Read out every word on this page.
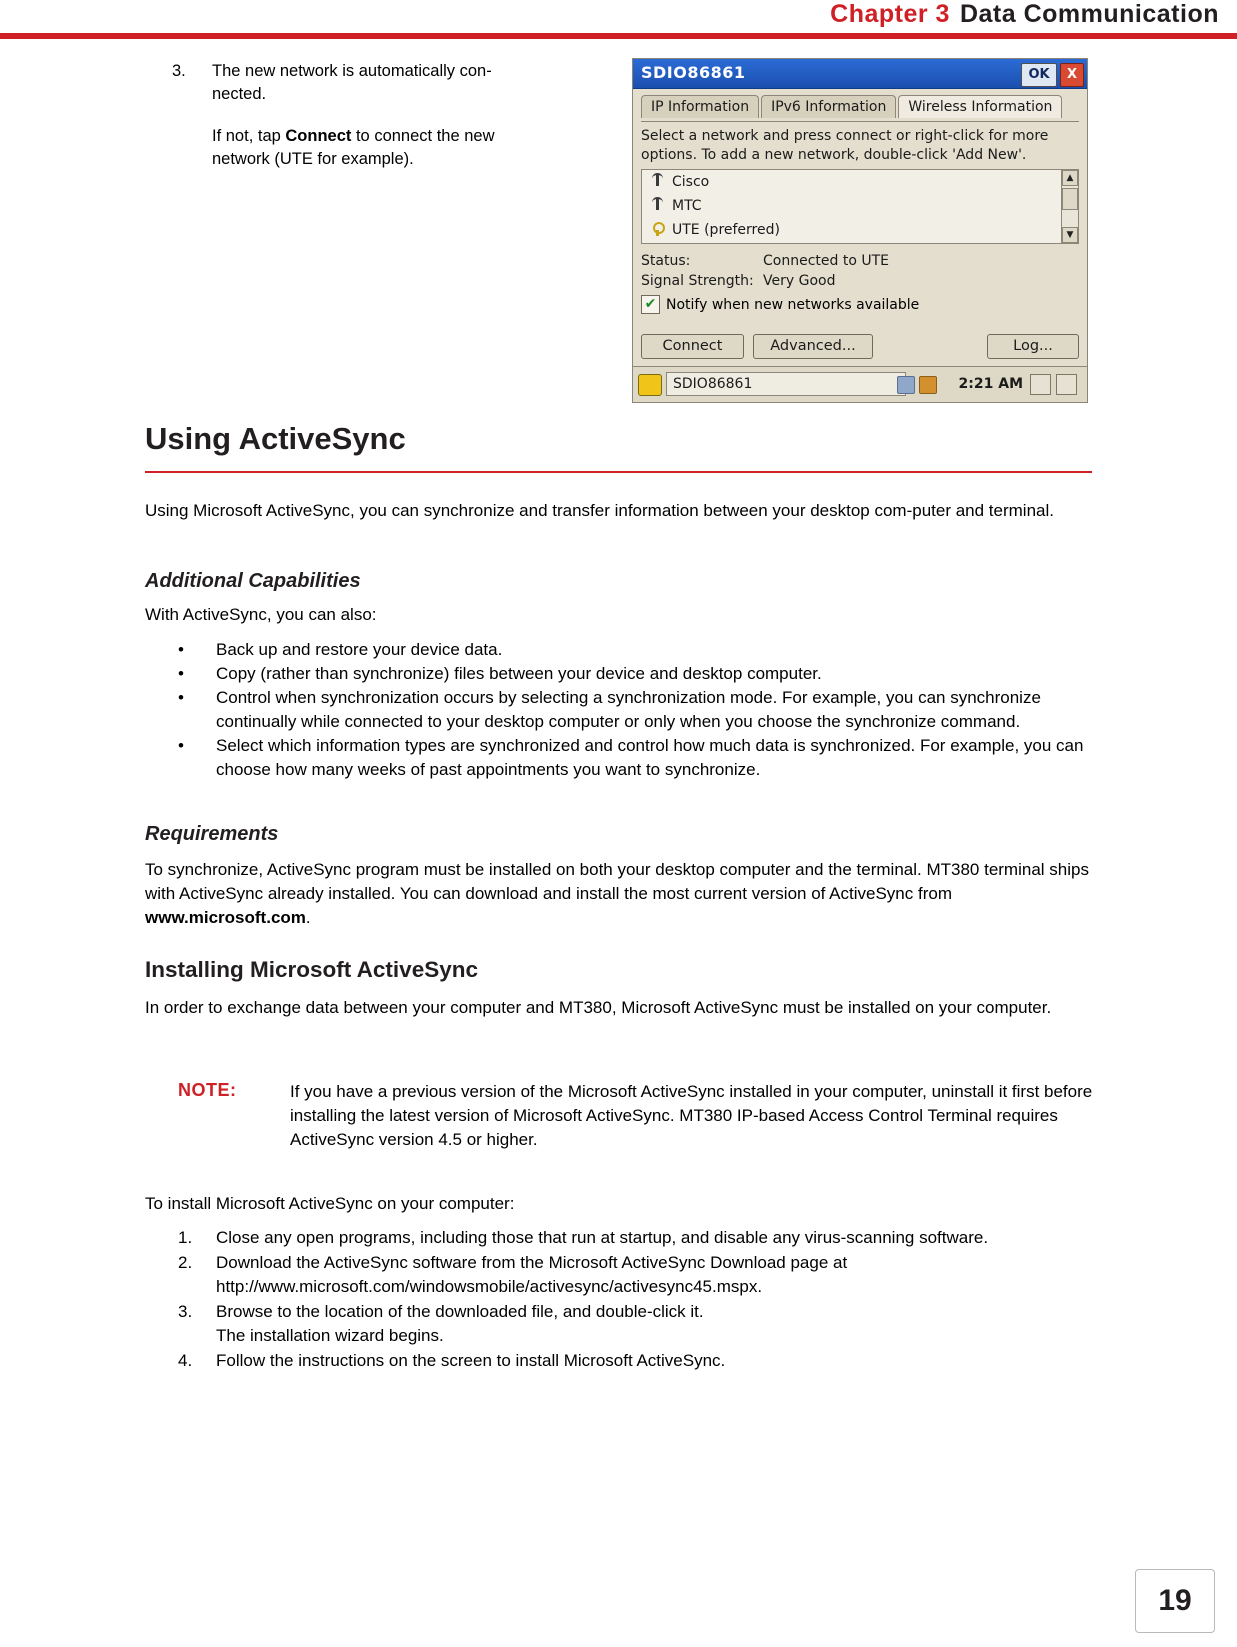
Chapter 3 Data Communication
3.	The new network is automatically con-
nected.
If not, tap Connect to connect the new
network (UTE for example).
SDIO86861	OK	X
IP Information IPv6 Information Wireless Information
Select a network and press connect or right-click for more
options. To add a new network, double-click 'Add New'.
Cisco
MTC
UTE (preferred)
▲
▼
Status:	Connected to UTE
Signal Strength: Very Good
✔ Notify when new networks available
Connect	Advanced...	Log...
SDIO86861	2:21 AM
Using ActiveSync
Using Microsoft ActiveSync, you can synchronize and transfer information between your desktop com-puter and terminal.
Additional Capabilities
With ActiveSync, you can also:
• Back up and restore your device data.
• Copy (rather than synchronize) files between your device and desktop computer.
• Control when synchronization occurs by selecting a synchronization mode. For example, you can synchronize continually while connected to your desktop computer or only when you choose the synchronize command.
• Select which information types are synchronized and control how much data is synchronized. For example, you can choose how many weeks of past appointments you want to synchronize.
Requirements
To synchronize, ActiveSync program must be installed on both your desktop computer and the terminal. MT380 terminal ships with ActiveSync already installed. You can download and install the most current version of ActiveSync from www.microsoft.com.
Installing Microsoft ActiveSync
In order to exchange data between your computer and MT380, Microsoft ActiveSync must be installed on your computer.
NOTE:	If you have a previous version of the Microsoft ActiveSync installed in your computer, uninstall it first before installing the latest version of Microsoft ActiveSync. MT380 IP-based Access Control Terminal requires ActiveSync version 4.5 or higher.
To install Microsoft ActiveSync on your computer:
1. Close any open programs, including those that run at startup, and disable any virus-scanning software.
2. Download the ActiveSync software from the Microsoft ActiveSync Download page at http://www.microsoft.com/windowsmobile/activesync/activesync45.mspx.
3. Browse to the location of the downloaded file, and double-click it.
The installation wizard begins.
4. Follow the instructions on the screen to install Microsoft ActiveSync.
19
